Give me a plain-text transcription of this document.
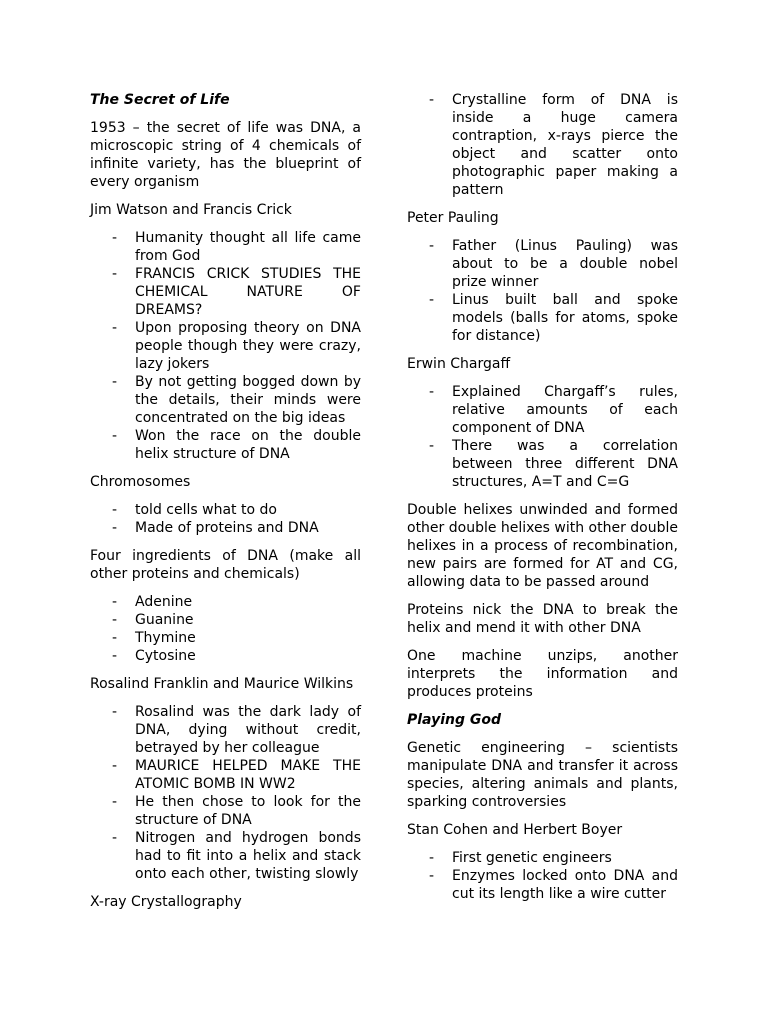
The Secret of Life

1953 – the secret of life was DNA, a microscopic string of 4 chemicals of infinite variety, has the blueprint of every organism

Jim Watson and Francis Crick

- Humanity thought all life came from God
- FRANCIS CRICK STUDIES THE CHEMICAL NATURE OF DREAMS?
- Upon proposing theory on DNA people though they were crazy, lazy jokers
- By not getting bogged down by the details, their minds were concentrated on the big ideas
- Won the race on the double helix structure of DNA

Chromosomes

- told cells what to do
- Made of proteins and DNA

Four ingredients of DNA (make all other proteins and chemicals)

- Adenine
- Guanine
- Thymine
- Cytosine

Rosalind Franklin and Maurice Wilkins

- Rosalind was the dark lady of DNA, dying without credit, betrayed by her colleague
- MAURICE HELPED MAKE THE ATOMIC BOMB IN WW2
- He then chose to look for the structure of DNA
- Nitrogen and hydrogen bonds had to fit into a helix and stack onto each other, twisting slowly

X-ray Crystallography

- Crystalline form of DNA is inside a huge camera contraption, x-rays pierce the object and scatter onto photographic paper making a pattern

Peter Pauling

- Father (Linus Pauling) was about to be a double nobel prize winner
- Linus built ball and spoke models (balls for atoms, spoke for distance)

Erwin Chargaff

- Explained Chargaff’s rules, relative amounts of each component of DNA
- There was a correlation between three different DNA structures, A=T and C=G

Double helixes unwinded and formed other double helixes with other double helixes in a process of recombination, new pairs are formed for AT and CG, allowing data to be passed around

Proteins nick the DNA to break the helix and mend it with other DNA

One machine unzips, another interprets the information and produces proteins

Playing God

Genetic engineering – scientists manipulate DNA and transfer it across species, altering animals and plants, sparking controversies

Stan Cohen and Herbert Boyer

- First genetic engineers
- Enzymes locked onto DNA and cut its length like a wire cutter
